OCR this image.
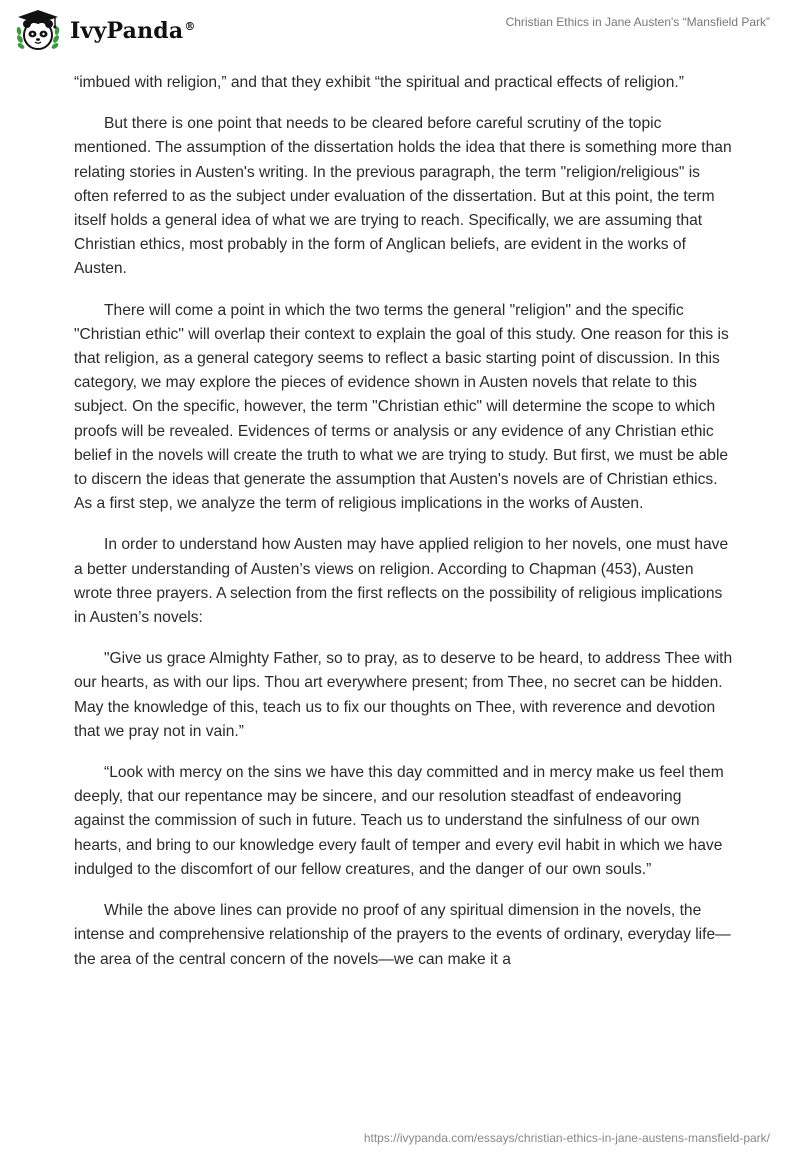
IvyPanda®	Christian Ethics in Jane Austen's “Mansfield Park”

“imbued with religion,” and that they exhibit “the spiritual and practical effects of religion.”

But there is one point that needs to be cleared before careful scrutiny of the topic mentioned. The assumption of the dissertation holds the idea that there is something more than relating stories in Austen's writing. In the previous paragraph, the term "religion/religious" is often referred to as the subject under evaluation of the dissertation. But at this point, the term itself holds a general idea of what we are trying to reach. Specifically, we are assuming that Christian ethics, most probably in the form of Anglican beliefs, are evident in the works of Austen.

There will come a point in which the two terms the general "religion" and the specific "Christian ethic" will overlap their context to explain the goal of this study. One reason for this is that religion, as a general category seems to reflect a basic starting point of discussion. In this category, we may explore the pieces of evidence shown in Austen novels that relate to this subject. On the specific, however, the term "Christian ethic" will determine the scope to which proofs will be revealed. Evidences of terms or analysis or any evidence of any Christian ethic belief in the novels will create the truth to what we are trying to study. But first, we must be able to discern the ideas that generate the assumption that Austen's novels are of Christian ethics. As a first step, we analyze the term of religious implications in the works of Austen.

In order to understand how Austen may have applied religion to her novels, one must have a better understanding of Austen’s views on religion. According to Chapman (453), Austen wrote three prayers. A selection from the first reflects on the possibility of religious implications in Austen’s novels:

"Give us grace Almighty Father, so to pray, as to deserve to be heard, to address Thee with our hearts, as with our lips. Thou art everywhere present; from Thee, no secret can be hidden. May the knowledge of this, teach us to fix our thoughts on Thee, with reverence and devotion that we pray not in vain.”

“Look with mercy on the sins we have this day committed and in mercy make us feel them deeply, that our repentance may be sincere, and our resolution steadfast of endeavoring against the commission of such in future. Teach us to understand the sinfulness of our own hearts, and bring to our knowledge every fault of temper and every evil habit in which we have indulged to the discomfort of our fellow creatures, and the danger of our own souls.”

While the above lines can provide no proof of any spiritual dimension in the novels, the intense and comprehensive relationship of the prayers to the events of ordinary, everyday life—the area of the central concern of the novels—we can make it a

https://ivypanda.com/essays/christian-ethics-in-jane-austens-mansfield-park/
